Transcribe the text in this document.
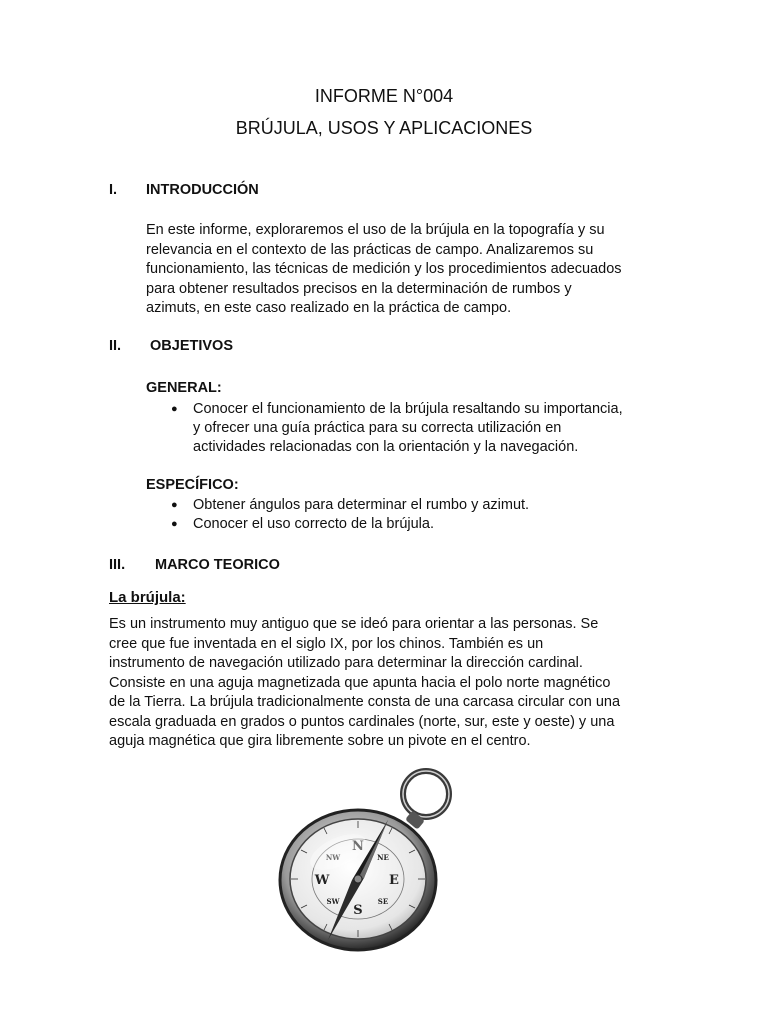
INFORME N°004
BRÚJULA, USOS Y APLICACIONES
I. INTRODUCCIÓN
En este informe, exploraremos el uso de la brújula en la topografía y su
relevancia en el contexto de las prácticas de campo. Analizaremos su
funcionamiento, las técnicas de medición y los procedimientos adecuados
para obtener resultados precisos en la determinación de rumbos y
azimuts, en este caso realizado en la práctica de campo.
II. OBJETIVOS
GENERAL:
● Conocer el funcionamiento de la brújula resaltando su importancia,
y ofrecer una guía práctica para su correcta utilización en
actividades relacionadas con la orientación y la navegación.
ESPECÍFICO:
● Obtener ángulos para determinar el rumbo y azimut.
● Conocer el uso correcto de la brújula.
III. MARCO TEORICO
La brújula:
Es un instrumento muy antiguo que se ideó para orientar a las personas. Se
cree que fue inventada en el siglo IX, por los chinos. También es un
instrumento de navegación utilizado para determinar la dirección cardinal.
Consiste en una aguja magnetizada que apunta hacia el polo norte magnético
de la Tierra. La brújula tradicionalmente consta de una carcasa circular con una
escala graduada en grados o puntos cardinales (norte, sur, este y oeste) y una
aguja magnética que gira libremente sobre un pivote en el centro.
N
E
S
W
NE
SE
SW
NW
